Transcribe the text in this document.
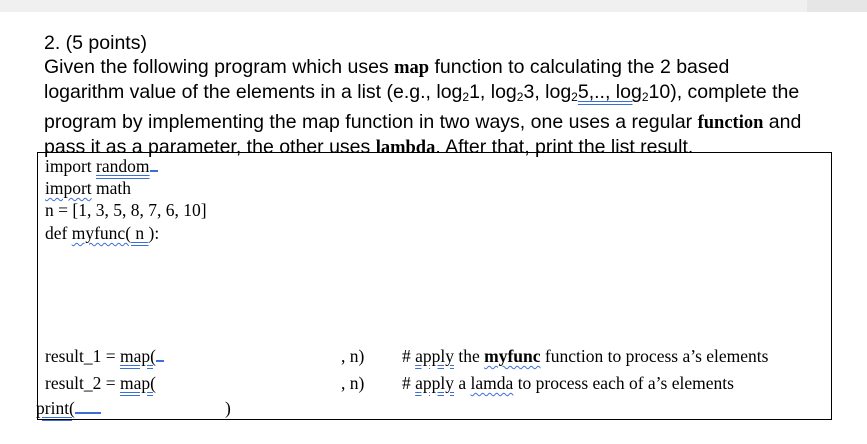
2. (5 points)

Given the following program which uses map function to calculating the 2 based

logarithm value of the elements in a list (e.g., $\log_21$, $\log_23$, $\log_25$,.., $\log_210$), complete the

program by implementing the map function in two ways, one uses a regular function and

pass it as a parameter, the other uses lambda. After that, print the list result.

import random
import math
n = [1, 3, 5, 8, 7, 6, 10]
def myfunc( n ):
result_1 = map(	, n) # apply the myfunc function to process a’s elements
result_2 = map(	, n) # apply a lamda to process each of a’s elements
print(	)
